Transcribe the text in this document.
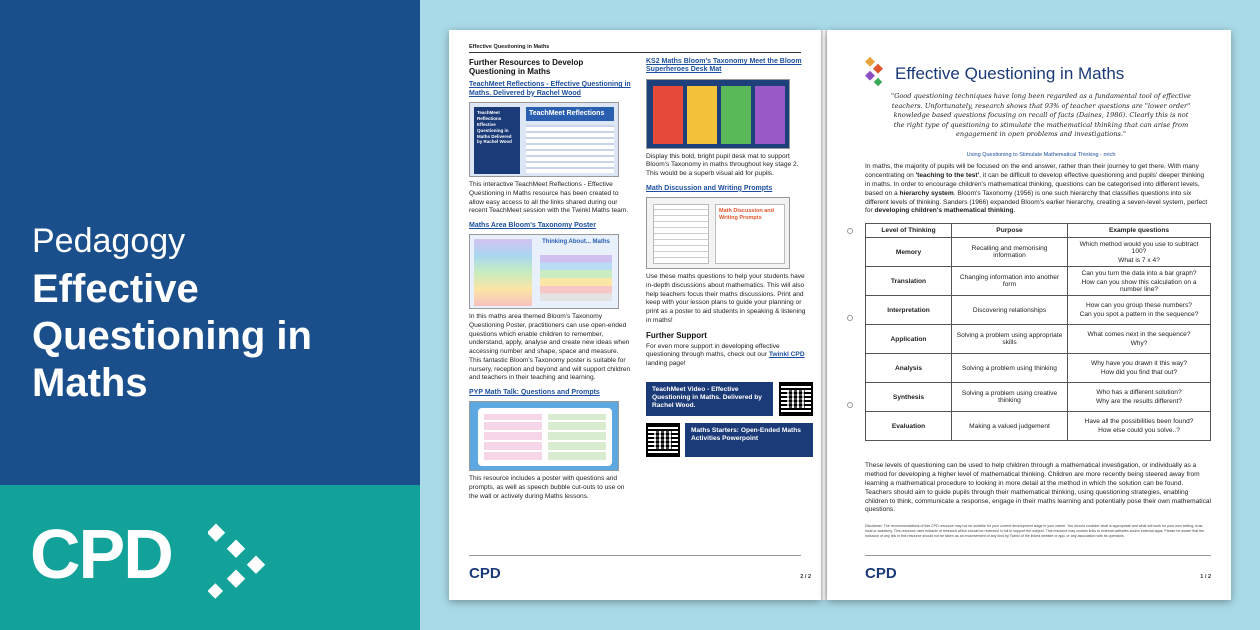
Pedagogy
Effective Questioning in Maths
CPD
Effective Questioning in Maths
Further Resources to Develop Questioning in Maths
TeachMeet Reflections - Effective Questioning in Maths. Delivered by Rachel Wood
TeachMeet Reflections Effective Questioning in Maths Delivered by Rachel Wood
TeachMeet Reflections
This interactive TeachMeet Reflections - Effective Questioning in Maths resource has been created to allow easy access to all the links shared during our recent TeachMeet session with the Twinkl Maths team.
Maths Area Bloom's Taxonomy Poster
Thinking About... Maths
In this maths area themed Bloom's Taxonomy Questioning Poster, practitioners can use open-ended questions which enable children to remember, understand, apply, analyse and create new ideas when accessing number and shape, space and measure. This fantastic Bloom's Taxonomy poster is suitable for nursery, reception and beyond and will support children and teachers in their teaching and learning.
PYP Math Talk: Questions and Prompts
This resource includes a poster with questions and prompts, as well as speech bubble cut-outs to use on the wall or actively during Maths lessons.
KS2 Maths Bloom's Taxonomy Meet the Bloom Superheroes Desk Mat
Display this bold, bright pupil desk mat to support Bloom's Taxonomy in maths throughout key stage 2. This would be a superb visual aid for pupils.
Math Discussion and Writing Prompts
Math Discussion and Writing Prompts
Use these maths questions to help your students have in-depth discussions about mathematics. This will also help teachers focus their maths discussions. Print and keep with your lesson plans to guide your planning or print as a poster to aid students in speaking & listening in maths!
Further Support
For even more support in developing effective questioning through maths, check out our Twinkl CPD landing page!
TeachMeet Video - Effective Questioning in Maths. Delivered by Rachel Wood.
Maths Starters: Open-Ended Maths Activities Powerpoint
CPD	2 / 2
Effective Questioning in Maths
"Good questioning techniques have long been regarded as a fundamental tool of effective teachers. Unfortunately, research shows that 93% of teacher questions are "lower order" knowledge based questions focusing on recall of facts (Daines, 1986). Clearly this is not the right type of questioning to stimulate the mathematical thinking that can arise from engagement in open problems and investigations."
Using Questioning to Stimulate Mathematical Thinking - nrich
In maths, the majority of pupils will be focused on the end answer, rather than their journey to get there. With many concentrating on 'teaching to the test', it can be difficult to develop effective questioning and pupils' deeper thinking in maths. In order to encourage children's mathematical thinking, questions can be categorised into different levels, based on a hierarchy system. Bloom's Taxonomy (1956) is one such hierarchy that classifies questions into six different levels of thinking. Sanders (1966) expanded Bloom's earlier hierarchy, creating a seven-level system, perfect for developing children's mathematical thinking.
Level of Thinking	Purpose	Example questions
Memory	Recalling and memorising information	Which method would you use to subtract 100?
What is 7 x 4?

Translation	Changing information into another form	Can you turn the data into a bar graph?
How can you show this calculation on a number line?

Interpretation	Discovering relationships	How can you group these numbers?
Can you spot a pattern in the sequence?

Application	Solving a problem using appropriate skills	What comes next in the sequence?
Why?

Analysis	Solving a problem using thinking	Why have you drawn it this way?
How did you find that out?

Synthesis	Solving a problem using creative thinking	Who has a different solution?
Why are the results different?

Evaluation	Making a valued judgement	Have all the possibilities been found?
How else could you solve..?
These levels of questioning can be used to help children through a mathematical investigation, or individually as a method for developing a higher level of mathematical thinking. Children are more recently being steered away from learning a mathematical procedure to looking in more detail at the method in which the solution can be found. Teachers should aim to guide pupils through their mathematical thinking, using questioning strategies, enabling children to think, communicate a response, engage in their maths learning and potentially pose their own mathematical questions.
Disclaimer: The recommendations of this CPD resource may not be suitable for your current development stage in your career. You should consider what is appropriate and what will work for your own setting, trust, local or academy. This resource uses extracts of research which should be reviewed in full to support the subject. This resource may contain links to external websites and/or external apps. Please be aware that the inclusion of any link in this resource should not be taken as an endorsement of any kind by Twinkl of the linked website or app, or any association with its operators.
CPD	1 / 2
